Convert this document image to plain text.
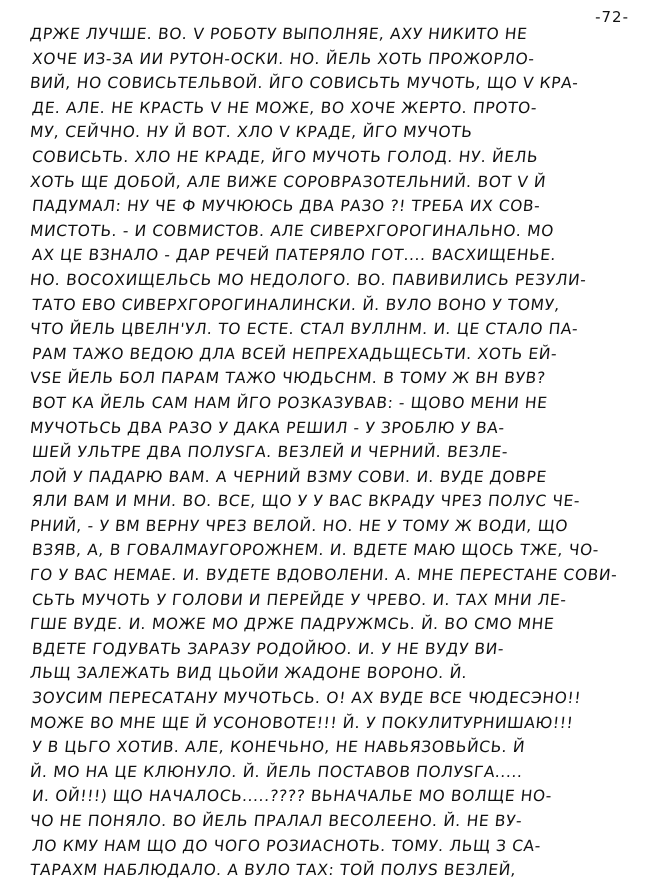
-72-
ДРЖЕ ЛУЧШЕ. ВО. V РОБОТУ ВЫПОЛНЯЕ, АХУ НИКИТО НЕ
ХОЧЕ ИЗ-ЗА ИИ РУТОН-ОСКИ. НО. ЙЕЛЬ ХОТЬ ПРОЖОРЛО-
ВИЙ, НО СОВИСЬТЕЛЬВОЙ. ЙГО СОВИСЬТЬ МУЧОТЬ, ЩО V КРА-
ДЕ. АЛЕ. НЕ КРАСТЬ V НЕ МОЖЕ, ВО ХОЧЕ ЖЕРТО. ПРОТО-
МУ, СЕЙЧНО. НУ Й ВОТ. ХЛО V КРАДЕ, ЙГО МУЧОТЬ
СОВИСЬТЬ. ХЛО НЕ КРАДЕ, ЙГО МУЧОТЬ ГОЛОД. НУ. ЙЕЛЬ
ХОТЬ ЩЕ ДОБОЙ, АЛЕ ВИЖЕ СОРОВРАЗОТЕЛЬНИЙ. ВОТ V Й
ПАДУМАЛ: НУ ЧЕ Ф МУЧЮЮСЬ ДВА РАЗО ?! ТРЕБА ИХ СОВ-
МИСТОТЬ. - И СОВМИСТОВ. АЛЕ СИВЕРХГОРОГИНАЛЬНО. МО
АХ ЦЕ ВЗНАЛО - ДАР РЕЧЕЙ ПАТЕРЯЛО ГОТ.... ВАСХИЩЕНЬЕ.
НО. ВОСОХИЩЕЛЬСЬ МО НЕДОЛОГО. ВО. ПАВИВИЛИСЬ РЕЗУЛИ-
ТАТО ЕВО СИВЕРХГОРОГИНАЛИНСКИ. Й. ВУЛО ВОНО У ТОМУ,
ЧТО ЙЕЛЬ ЦВЕЛН'УЛ. ТО ЕСТЕ. СТАЛ ВУЛЛНМ. И. ЦЕ СТАЛО ПА-
РАМ ТАЖО ВЕДОЮ ДЛА ВСЕЙ НЕПРЕХАДЬЩЕСЬТИ. ХОТЬ ЕЙ-
VSЕ ЙЕЛЬ БОЛ ПАРАМ ТАЖО ЧЮДЬСНМ. В ТОМУ Ж ВН ВУВ?
ВОТ КА ЙЕЛЬ САМ НАМ ЙГО РОЗКАЗУВАВ: - ЩОВО МЕНИ НЕ
МУЧОТЬСЬ ДВА РАЗО У ДАКА РЕШИЛ - У ЗРОБЛЮ У ВА-
ШЕЙ УЛЬТРЕ ДВА ПОЛУSГА. ВЕЗЛЕЙ И ЧЕРНИЙ. ВЕЗЛЕ-
ЛОЙ У ПАДАРЮ ВАМ. А ЧЕРНИЙ ВЗМУ СОВИ. И. ВУДЕ ДОВРЕ
ЯЛИ ВАМ И МНИ. ВО. ВСЕ, ЩО У У ВАС ВКРАДУ ЧРЕЗ ПОЛУС ЧЕ-
РНИЙ, - У ВМ ВЕРНУ ЧРЕЗ ВЕЛОЙ. НО. НЕ У ТОМУ Ж ВОДИ, ЩО
ВЗЯВ, А, В ГОВАЛМАУГОРОЖНЕМ. И. ВДЕТЕ МАЮ ЩОСЬ ТЖЕ, ЧО-
ГО У ВАС НЕМАЕ. И. ВУДЕТЕ ВДОВОЛЕНИ. А. МНЕ ПЕРЕСТАНЕ СОВИ-
СЬТЬ МУЧОТЬ У ГОЛОВИ И ПЕРЕЙДЕ У ЧРЕВО. И. ТАХ МНИ ЛЕ-
ГШЕ ВУДЕ. И. МОЖЕ МО ДРЖЕ ПАДРУЖМСЬ. Й. ВО СМО МНЕ
ВДЕТЕ ГОДУВАТЬ ЗАРАЗУ РОДОЙЮО. И. У НЕ ВУДУ ВИ-
ЛЬЩ ЗАЛЕЖАТЬ ВИД ЦЬОЙИ ЖАДОНЕ ВОРОНО. Й.
ЗОУСИМ ПЕРЕСАТАНУ МУЧОТЬСЬ. О! АХ ВУДЕ ВСЕ ЧЮДЕСЭНО!!
МОЖЕ ВО МНЕ ЩЕ Й УСОНОВОТЕ!!! Й. У ПОКУЛИТУРНИШАЮ!!!
У В ЦЬГО ХОТИВ. АЛЕ, КОНЕЧЬНО, НЕ НАВЬЯЗОВЬЙСЬ. Й
Й. МО НА ЦЕ КЛЮНУЛО. Й. ЙЕЛЬ ПОСТАВОВ ПОЛУSГА.....
И. ОЙ!!!) ЩО НАЧАЛОСЬ.....???? ВЬНАЧАЛЬЕ МО ВОЛЩЕ НО-
ЧО НЕ ПОНЯЛО. ВО ЙЕЛЬ ПРАЛАЛ ВЕСОЛЕЕНО. Й. НЕ ВУ-
ЛО КМУ НАМ ЩО ДО ЧОГО РОЗИАСНОТЬ. ТОМУ. ЛЬЩ З СА-
ТАРАХМ НАБЛЮДАЛО. А ВУЛО ТАХ: ТОЙ ПОЛУS ВЕЗЛЕЙ,
